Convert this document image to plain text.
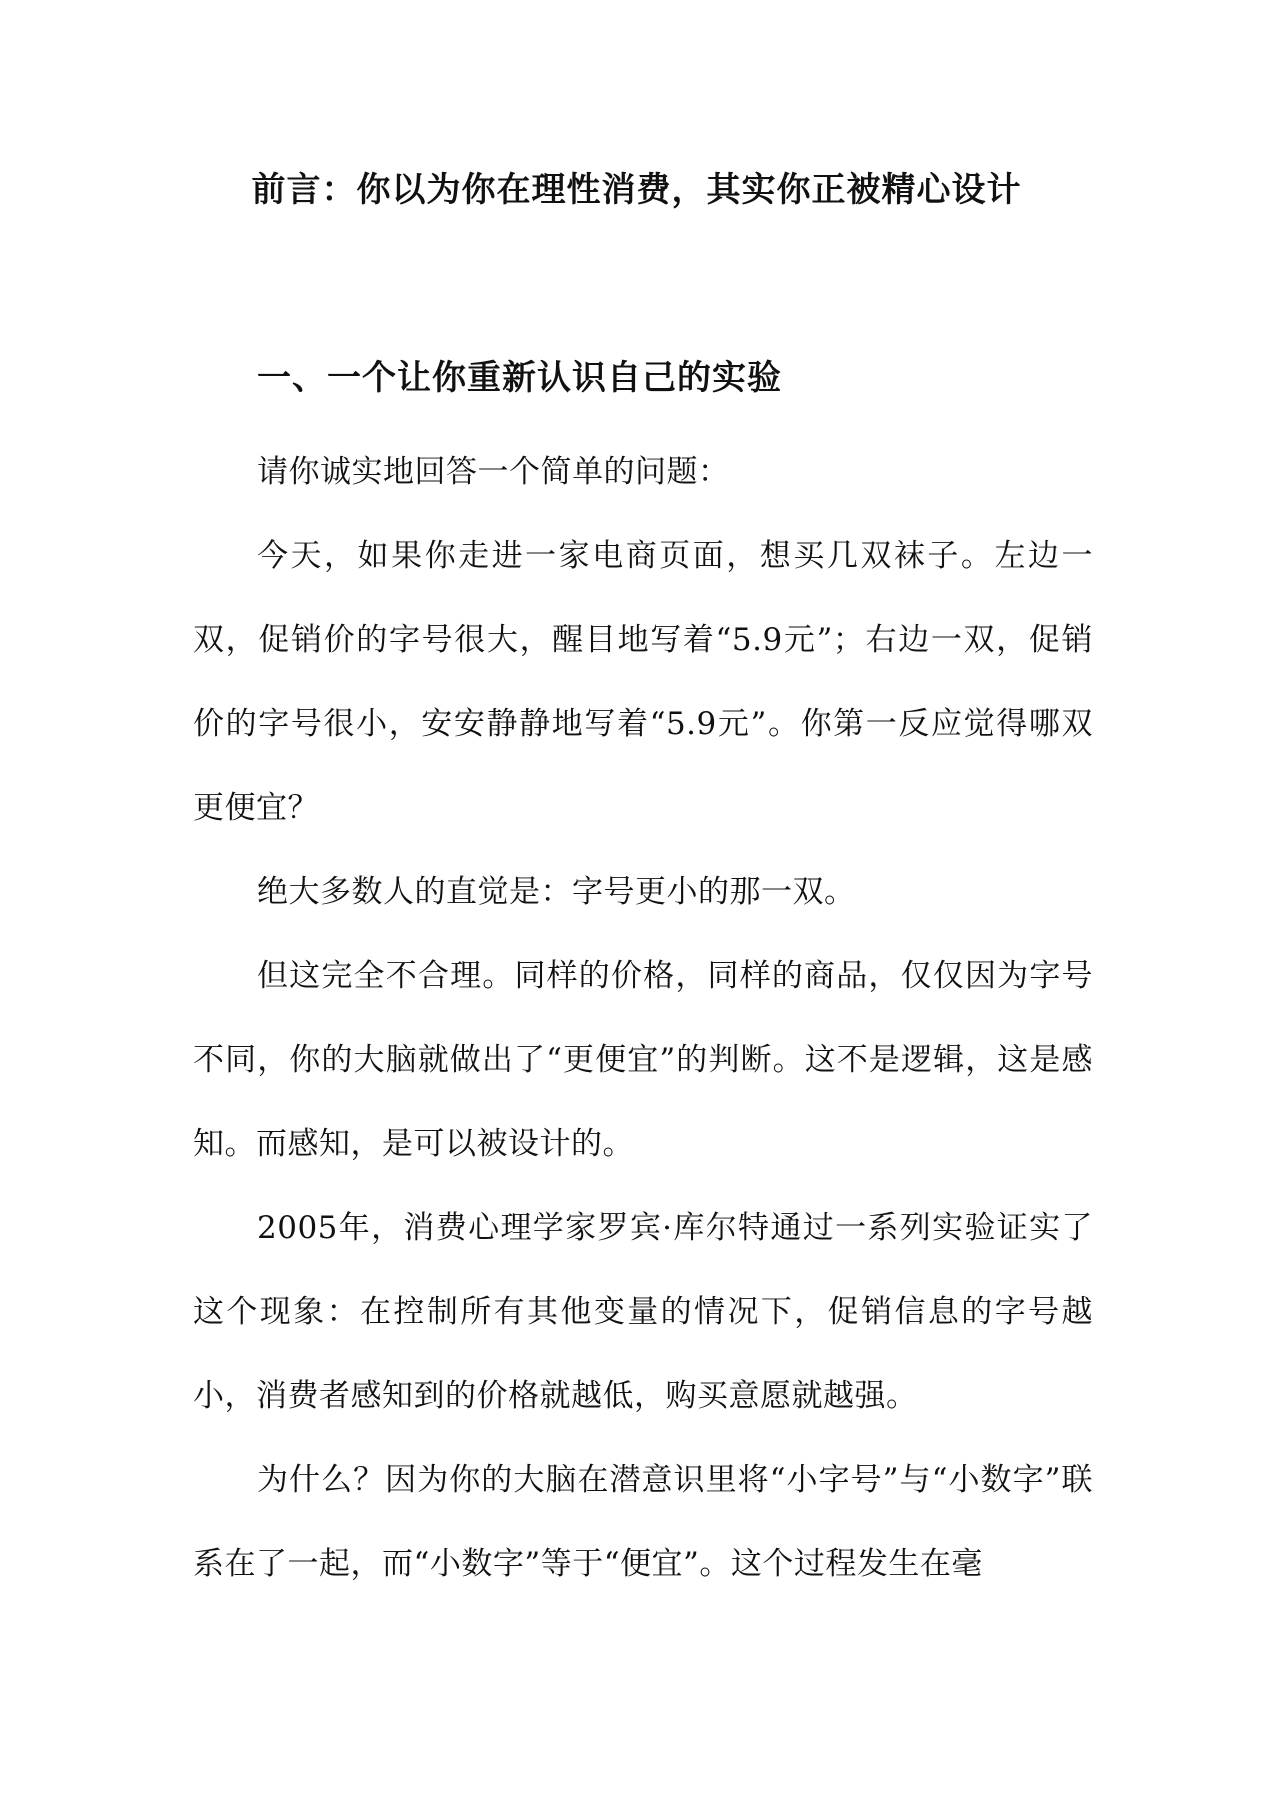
前言：你以为你在理性消费，其实你正被精心设计
一、一个让你重新认识自己的实验

请你诚实地回答一个简单的问题：

今天，如果你走进一家电商页面，想买几双袜子。左边一双，促销价的字号很大，醒目地写着“5.9元”；右边一双，促销价的字号很小，安安静静地写着“5.9元”。你第一反应觉得哪双更便宜？

绝大多数人的直觉是：字号更小的那一双。

但这完全不合理。同样的价格，同样的商品，仅仅因为字号不同，你的大脑就做出了“更便宜”的判断。这不是逻辑，这是感知。而感知，是可以被设计的。

2005年，消费心理学家罗宾·库尔特通过一系列实验证实了这个现象：在控制所有其他变量的情况下，促销信息的字号越小，消费者感知到的价格就越低，购买意愿就越强。

为什么？因为你的大脑在潜意识里将“小字号”与“小数字”联系在了一起，而“小数字”等于“便宜”。这个过程发生在毫
